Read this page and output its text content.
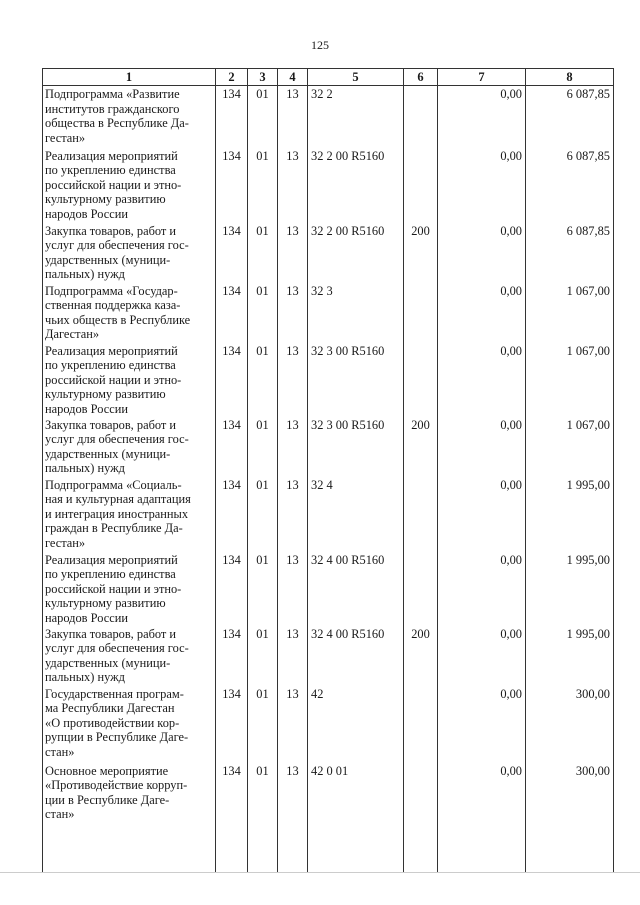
125
1	2	3	4	5	6	7	8
Подпрограмма «Развитие
институтов гражданского
общества в Республике Да-
гестан»	134	01	13	32 2		0,00	6 087,85
Реализация мероприятий
по укреплению единства
российской нации и этно-
культурному развитию
народов России	134	01	13	32 2 00 R5160		0,00	6 087,85
Закупка товаров, работ и
услуг для обеспечения гос-
ударственных (муници-
пальных) нужд	134	01	13	32 2 00 R5160	200	0,00	6 087,85
Подпрограмма «Государ-
ственная поддержка каза-
чьих обществ в Республике
Дагестан»	134	01	13	32 3		0,00	1 067,00
Реализация мероприятий
по укреплению единства
российской нации и этно-
культурному развитию
народов России	134	01	13	32 3 00 R5160		0,00	1 067,00
Закупка товаров, работ и
услуг для обеспечения гос-
ударственных (муници-
пальных) нужд	134	01	13	32 3 00 R5160	200	0,00	1 067,00
Подпрограмма «Социаль-
ная и культурная адаптация
и интеграция иностранных
граждан в Республике Да-
гестан»	134	01	13	32 4		0,00	1 995,00
Реализация мероприятий
по укреплению единства
российской нации и этно-
культурному развитию
народов России	134	01	13	32 4 00 R5160		0,00	1 995,00
Закупка товаров, работ и
услуг для обеспечения гос-
ударственных (муници-
пальных) нужд	134	01	13	32 4 00 R5160	200	0,00	1 995,00
Государственная програм-
ма Республики Дагестан
«О противодействии кор-
рупции в Республике Даге-
стан»	134	01	13	42		0,00	300,00
Основное мероприятие
«Противодействие корруп-
ции в Республике Даге-
стан»	134	01	13	42 0 01		0,00	300,00
